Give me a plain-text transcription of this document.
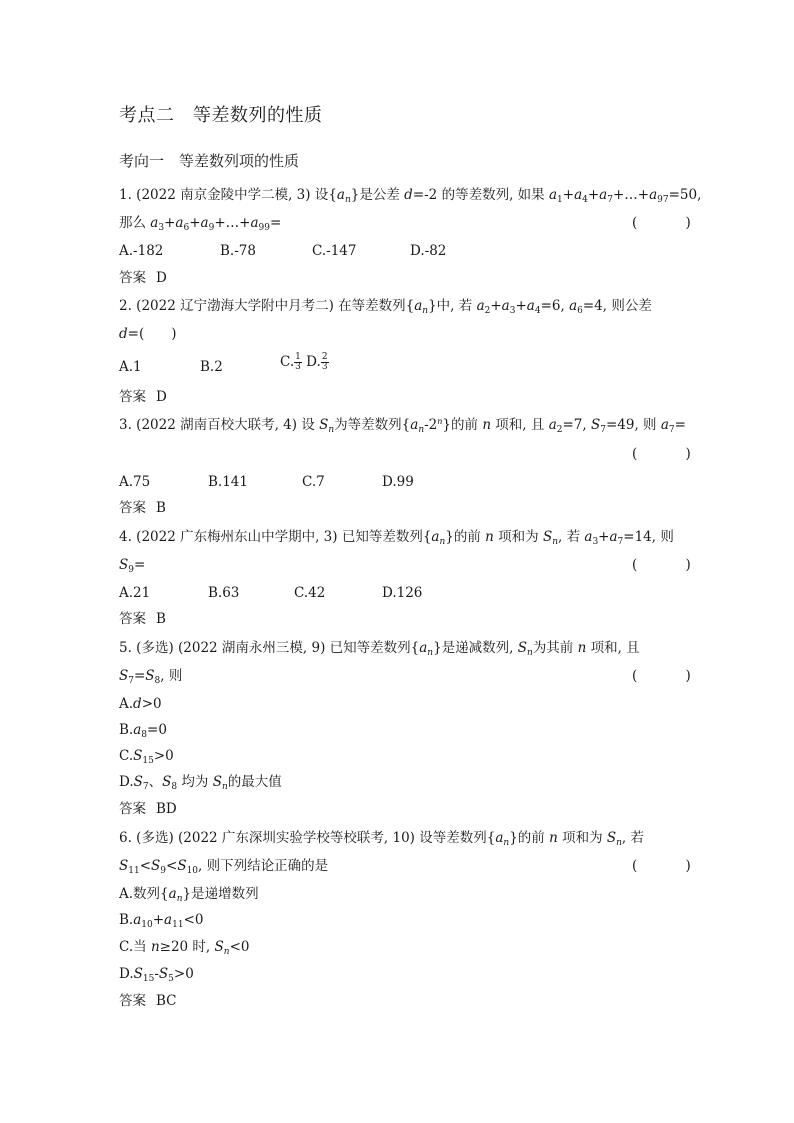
考点二　等差数列的性质
考向一　等差数列项的性质
1. (2022 南京金陵中学二模, 3) 设$\{a_n\}$是公差 d=-2 的等差数列, 如果 $a_1+a_4+a_7+\dots+a_{97}=50$,
那么 $a_3+a_6+a_9+\dots+a_{99}=$	( )
A.-182	B.-78	C.-147	D.-82
答案 D
2. (2022 辽宁渤海大学附中月考二) 在等差数列$\{a_n\}$中, 若 $a_2+a_3+a_4=6$, $a_6=4$, 则公差
d=(　　)
A.1	B.2	C. $\frac{1}{3} D$. $\frac{2}{3}$
答案 D
3. (2022 湖南百校大联考, 4) 设 $S_n$为等差数列$\{a_n-2^n\}$的前 n 项和, 且 $a_2=7$, $S_7=49$, 则 $a_7=$
( )
A.75	B.141	C.7	D.99
答案 B
4. (2022 广东梅州东山中学期中, 3) 已知等差数列$\{a_n\}$的前 n 项和为 $S_n$, 若 $a_3+a_7=14$, 则
$S_9=$	( )
A.21	B.63	C.42	D.126
答案 B
5. (多选) (2022 湖南永州三模, 9) 已知等差数列$\{a_n\}$是递减数列, $S_n$为其前 n 项和, 且
$S_7=S_8$, 则	( )
A.d>0
$B.a_8=0$
$C.S_{15}>0$
$D.S_7$、$S_8$ 均为 $S_n$的最大值
答案 BD
6. (多选) (2022 广东深圳实验学校等校联考, 10) 设等差数列$\{a_n\}$的前 n 项和为 $S_n$, 若
$S_{11}<S_9<S_{10}$, 则下列结论正确的是	( )
A.数列$\{a_n\}$是递增数列
$B.a_{10}+a_{11}<0$
C.当 n≥20 时, $S_n<0$
$D.S_{15}-S_5>0$
答案 BC
